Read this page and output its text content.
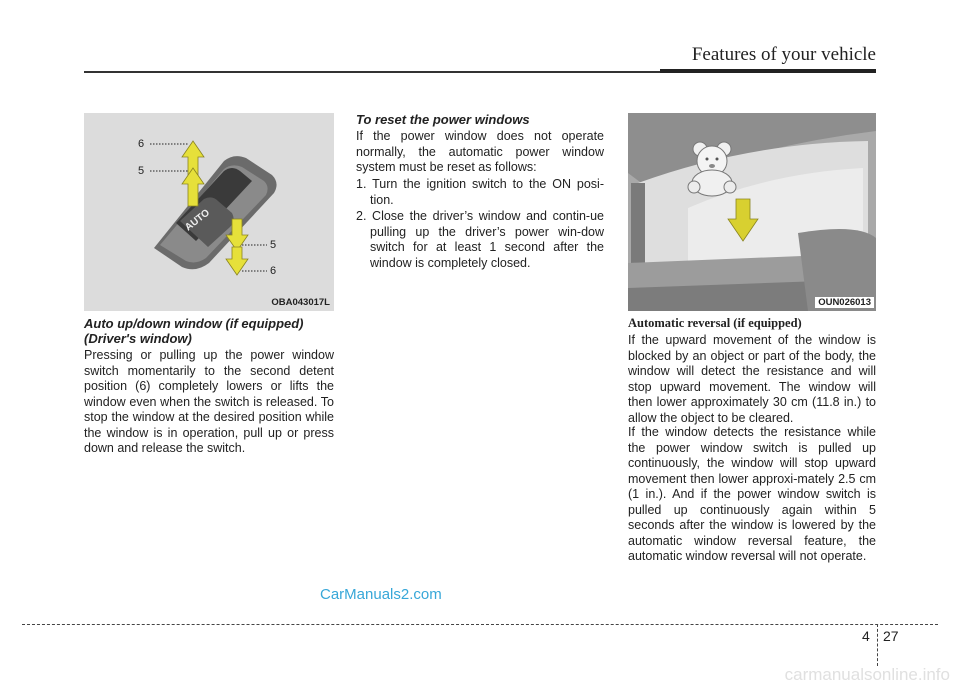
Features of your vehicle
AUTO
6
5
5
6
OBA043017L	OUN026013
Auto up/down window (if equipped)
(Driver's window)

Pressing or pulling up the power window switch momentarily to the second detent position (6) completely lowers or lifts the window even when the switch is released. To stop the window at the desired position while the window is in operation, pull up or press down and release the switch.

To reset the power windows

If the power window does not operate normally, the automatic power window system must be reset as follows:

1. Turn the ignition switch to the ON posi-tion.
2. Close the driver’s window and contin-ue pulling up the driver’s power win-dow switch for at least 1 second after the window is completely closed.
Automatic reversal (if equipped)

If the upward movement of the window is blocked by an object or part of the body, the window will detect the resistance and will stop upward movement. The window will then lower approximately 30 cm (11.8 in.) to allow the object to be cleared.

If the window detects the resistance while the power window switch is pulled up continuously, the window will stop upward movement then lower approxi-mately 2.5 cm (1 in.). And if the power window switch is pulled up continuously again within 5 seconds after the window is lowered by the automatic window reversal feature, the automatic window reversal will not operate.

CarManuals2.com
4 27
carmanualsonline.info
